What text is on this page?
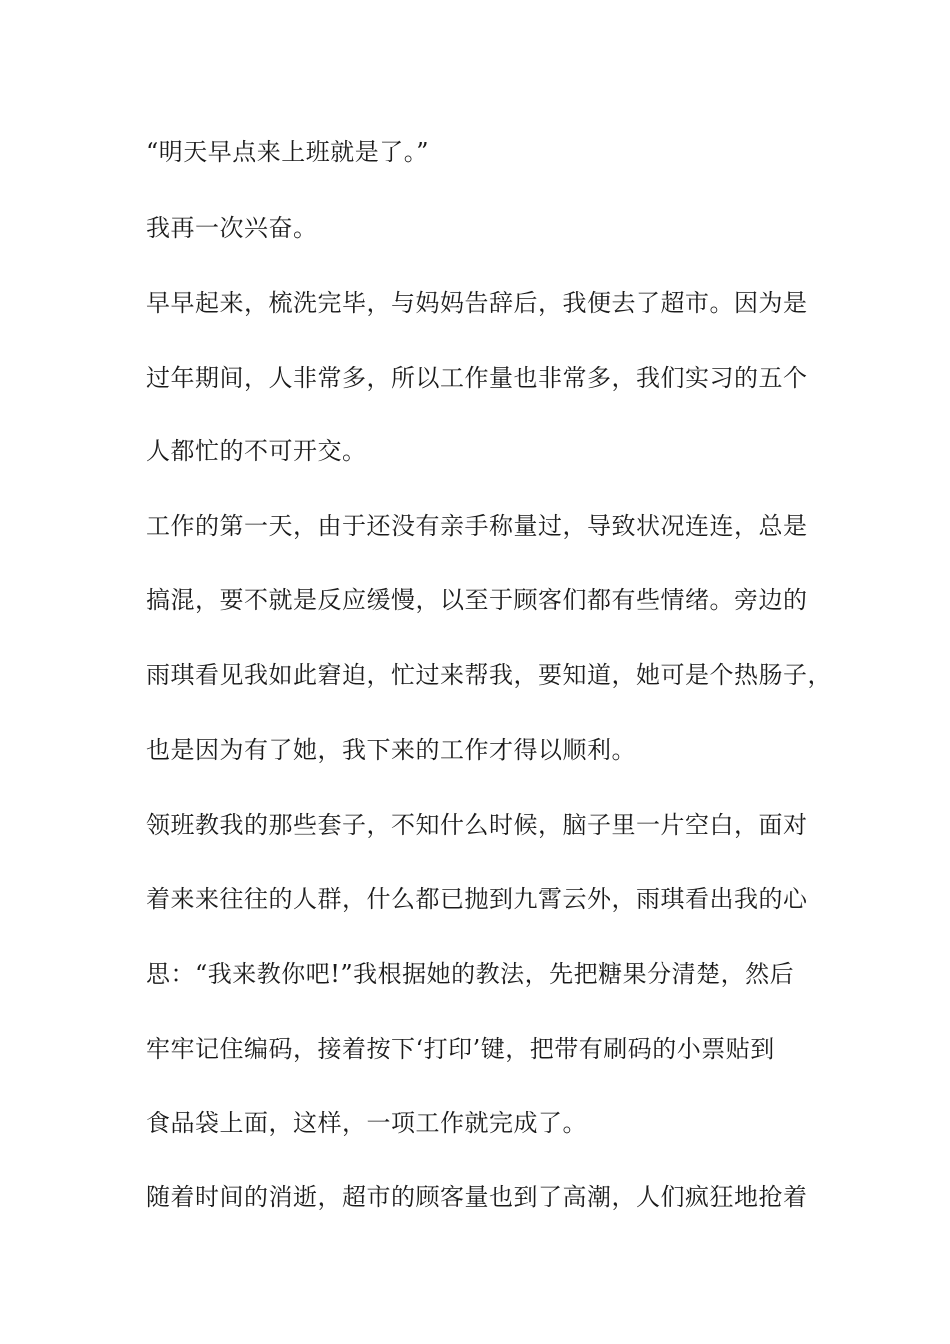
“明天早点来上班就是了。”
我再一次兴奋。
早早起来，梳洗完毕，与妈妈告辞后，我便去了超市。因为是
过年期间，人非常多，所以工作量也非常多，我们实习的五个
人都忙的不可开交。
工作的第一天，由于还没有亲手称量过，导致状况连连，总是
搞混，要不就是反应缓慢，以至于顾客们都有些情绪。旁边的
雨琪看见我如此窘迫，忙过来帮我，要知道，她可是个热肠子，
也是因为有了她，我下来的工作才得以顺利。
领班教我的那些套子，不知什么时候，脑子里一片空白，面对
着来来往往的人群，什么都已抛到九霄云外，雨琪看出我的心
思：“我来教你吧!”我根据她的教法，先把糖果分清楚，然后
牢牢记住编码，接着按下‘打印’键，把带有刷码的小票贴到
食品袋上面，这样，一项工作就完成了。
随着时间的消逝，超市的顾客量也到了高潮，人们疯狂地抢着
